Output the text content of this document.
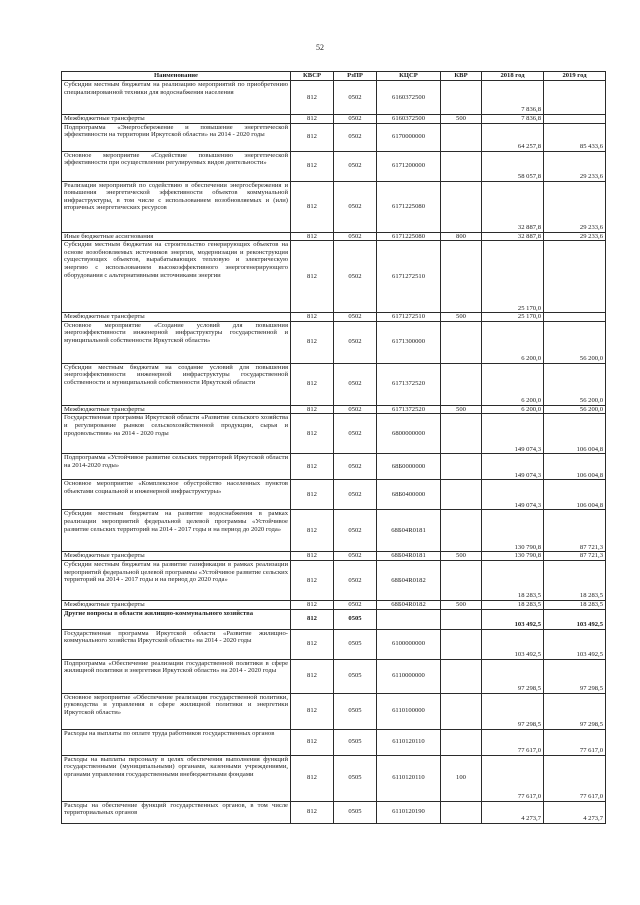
52
Наименование	КВСР	РзПР	КЦСР	КВР	2018 год	2019 год
Субсидии местным бюджетам на реализацию мероприятий по приобретению специализированной техники для водоснабжения населения	812	0502	6160372500		7 836,8	
Межбюджетные трансферты	812	0502	6160372500	500	7 836,8	
Подпрограмма «Энергосбережение и повышение энергетической эффективности на территории Иркутской области» на 2014 - 2020 годы	812	0502	6170000000		64 257,8	85 433,6
Основное мероприятие «Содействие повышению энергетической эффективности при осуществлении регулируемых видов деятельности»	812	0502	6171200000		58 057,8	29 233,6
Реализация мероприятий по содействию в обеспечении энергосбережения и повышения энергетической эффективности объектов коммунальной инфраструктуры, в том числе с использованием возобновляемых и (или) вторичных энергетических ресурсов	812	0502	6171225080		32 887,8	29 233,6
Иные бюджетные ассигнования	812	0502	6171225080	800	32 887,8	29 233,6
Субсидии местным бюджетам на строительство генерирующих объектов на основе возобновляемых источников энергии, модернизация и реконструкция существующих объектов, вырабатывающих тепловую и электрическую энергию с использованием высокоэффективного энергогенерирующего оборудования с альтернативными источниками энергии	812	0502	6171272510		25 170,0	
Межбюджетные трансферты	812	0502	6171272510	500	25 170,0	
Основное мероприятие «Создание условий для повышения энергоэффективности инженерной инфраструктуры государственной и муниципальной собственности Иркутской области»	812	0502	6171300000		6 200,0	56 200,0
Субсидии местным бюджетам на создание условий для повышения энергоэффективности инженерной инфраструктуры государственной собственности и муниципальной собственности Иркутской области	812	0502	6171372520		6 200,0	56 200,0
Межбюджетные трансферты	812	0502	6171372520	500	6 200,0	56 200,0
Государственная программа Иркутской области «Развитие сельского хозяйства и регулирование рынков сельскохозяйственной продукции, сырья и продовольствия» на 2014 - 2020 годы	812	0502	6800000000		149 074,3	106 004,8
Подпрограмма «Устойчивое развитие сельских территорий Иркутской области на 2014-2020 годы»	812	0502	68Б0000000		149 074,3	106 004,8
Основное мероприятие «Комплексное обустройство населенных пунктов объектами социальной и инженерной инфраструктуры»	812	0502	68Б0400000		149 074,3	106 004,8
Субсидии местным бюджетам на развитие водоснабжения в рамках реализации мероприятий федеральной целевой программы «Устойчивое развитие сельских территорий на 2014 - 2017 годы и на период до 2020 года»	812	0502	68Б04R0181		130 790,8	87 721,3
Межбюджетные трансферты	812	0502	68Б04R0181	500	130 790,8	87 721,3
Субсидии местным бюджетам на развитие газификации в рамках реализации мероприятий федеральной целевой программы «Устойчивое развитие сельских территорий на 2014 - 2017 годы и на период до 2020 года»	812	0502	68Б04R0182		18 283,5	18 283,5
Межбюджетные трансферты	812	0502	68Б04R0182	500	18 283,5	18 283,5
Другие вопросы в области жилищно-коммунального хозяйства	812	0505			103 492,5	103 492,5
Государственная программа Иркутской области «Развитие жилищно-коммунального хозяйства Иркутской области» на 2014 - 2020 годы	812	0505	6100000000		103 492,5	103 492,5
Подпрограмма «Обеспечение реализации государственной политики в сфере жилищной политики и энергетики Иркутской области» на 2014 - 2020 годы	812	0505	6110000000		97 298,5	97 298,5
Основное мероприятие «Обеспечение реализации государственной политики, руководства и управления в сфере жилищной политики и энергетики Иркутской области»	812	0505	6110100000		97 298,5	97 298,5
Расходы на выплаты по оплате труда работников государственных органов	812	0505	6110120110		77 617,0	77 617,0
Расходы на выплаты персоналу в целях обеспечения выполнения функций государственными (муниципальными) органами, казенными учреждениями, органами управления государственными внебюджетными фондами	812	0505	6110120110	100	77 617,0	77 617,0
Расходы на обеспечение функций государственных органов, в том числе территориальных органов	812	0505	6110120190		4 273,7	4 273,7
